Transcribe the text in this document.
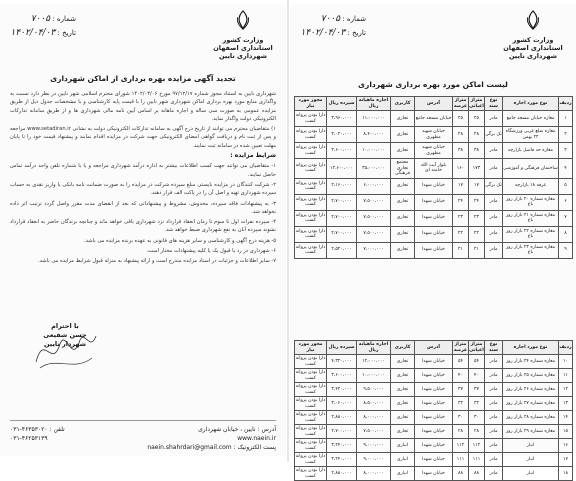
شماره : ۷۰۰۵
تاریخ : ۱۴۰۲/۰۴/۰۳
وزارت کشور
استانداری اصفهان
شهرداری نایین
تجدید آگهی مزایده بهره برداری از اماکن شهرداری

شهرداری نایین به استناد مجوز شماره ۹۷/۱۲/۱۷ مورخ ۱۴۰۲/۰۳/۰۶ شورای محترم اسلامی شهر نایین در نظر دارد نسبت به واگذاری منابع مورد بهره برداری اماکن شهرداری شهر نایین را با قیمت پایه کارشناسی و با مشخصات جدول ذیل از طریق مزایده عمومی به صورت سی ساله و اجاره ماهانه بر اساس آیین نامه مالی شهرداری ها و از طریق سامانه تدارکات الکترونیکی دولت واگذار نماید.

۱) متقاضیان محترم می توانند از تاریخ درج آگهی به سامانه تدارکات الکترونیکی دولت به نشانی www.setadiran.ir مراجعه و پس از ثبت نام و دریافت گواهی امضای الکترونیکی جهت شرکت در مزایده اقدام نمایند و پیشنهاد قیمت خود را تا پایان مهلت تعیین شده در سامانه ثبت نمایند.

شرایط مزایده :

۱- متقاضیان می توانند جهت کسب اطلاعات بیشتر به اداره درآمد شهرداری مراجعه و یا با شماره تلفن واحد درآمد تماس حاصل نمایند.

۲- شرکت کنندگان در مزایده بایستی مبلغ سپرده شرکت در مزایده را به صورت ضمانت نامه بانکی یا واریز نقدی به حساب سپرده شهرداری تهیه و اصل آن را در پاکت الف قرار دهند.

۳- به پیشنهادات فاقد سپرده، مخدوش، مشروط و پیشنهاداتی که بعد از انقضای مدت مقرر واصل گردد ترتیب اثر داده نخواهد شد.

۴- سپرده نفرات اول تا سوم تا زمان انعقاد قرارداد نزد شهرداری باقی خواهد ماند و چنانچه برندگان حاضر به انعقاد قرارداد نشوند سپرده آنان به نفع شهرداری ضبط خواهد شد.

۵- هزینه درج آگهی و کارشناسی و سایر هزینه های قانونی به عهده برنده مزایده می باشد.

۶- شهرداری در رد یا قبول یک یا کلیه پیشنهادات مختار است.

۷- سایر اطلاعات و جزئیات در اسناد مزایده مندرج است و ارائه پیشنهاد به منزله قبول شرایط مزایده می باشد.

با احترام
حسن شفیعی
شهردار نایین
آدرس : نایین ، خیابان شهرداری
تلفن : ۴۶۳۵۳۰۲۰-۰۳۱
www.naein.ir
۰۳۱-۴۶۲۵۳۱۳۹
پست الکترونیک : naein.shahrdari@gmail.com
شماره : ۷۰۰۵
تاریخ : ۱۴۰۲/۰۴/۰۳
وزارت کشور
استانداری اصفهان
شهرداری نایین
لیست اماکن مورد بهره برداری شهرداری
ردیف	نوع مورد اجاره	نوع سند	متراژ اعیانی	متراژ عرصه	آدرس	کاربری	اجاره ماهیانه ریال	سپرده ریال	مجوز مورد نیاز
۱	مغازه خیابان مسجد جامع	مادر	۲۵	۲۵	خیابان مسجد جامع	تجاری	۱۱،۰۰۰،۰۰۰	۳،۹۶۰،۰۰۰	دارا بودن پروانه کسب
۲	مغازه ضلع غربی ورزشگاه ۲۲ بهمن	تک برگی	۲۸	۲۸	خیابان شهید مطهری	تجاری	۸،۴۰۰،۰۰۰	۳،۰۲۰،۰۰۰	دارا بودن پروانه کسب
۳	مغازه حد فاصل بازارچه	مادر	۳۸	۳۸	خیابان شهید مطهری	تجاری	۱۰،۰۰۰،۰۰۰	۳،۶۰۰،۰۰۰	دارا بودن پروانه کسب
۴	ساختمان فرهنگی و آموزشی	مادر	۱۷۳	۱۶۰	بلوار آیت الله خامنه ای	مجتمع تجاری فرهنگی	۳۵،۰۰۰،۰۰۰	۱۲،۶۰۰،۰۰۰	دارا بودن پروانه کسب
۵	غرفه ۱۸ بازارچه	تک برگی	۱۷	۱۷	خیابان شهدا	تجاری	۶،۰۰۰،۰۰۰	۲،۱۶۰،۰۰۰	دارا بودن پروانه کسب
۶	مغازه شماره ۲۰ بازار روز باغ	مادر	۲۴	۲۴	خیابان شهدا	تجاری	۷،۵۰۰،۰۰۰	۲،۷۰۰،۰۰۰	دارا بودن پروانه کسب
۷	مغازه شماره ۲۱ بازار روز باغ	مادر	۲۳	۲۳	خیابان شهدا	تجاری	۷،۵۰۰،۰۰۰	۲،۷۰۰،۰۰۰	دارا بودن پروانه کسب
۸	مغازه شماره ۲۲ بازار روز باغ	مادر	۲۲	۲۲	خیابان شهدا	تجاری	۷،۵۰۰،۰۰۰	۲،۷۰۰،۰۰۰	دارا بودن پروانه کسب
۹	مغازه شماره ۲۳ بازار روز باغ	مادر	۲۱	۲۱	خیابان شهدا	تجاری	۷،۰۰۰،۰۰۰	۲،۵۲۰،۰۰۰	دارا بودن پروانه کسب
ردیف	نوع مورد اجاره	نوع سند	متراژ اعیانی	متراژ عرصه	آدرس	کاربری	اجاره ماهیانه ریال	سپرده ریال	مجوز مورد نیاز
۱۰	مغازه شماره ۲۴ بازار روز	مادر	۵۴	۵۴	خیابان شهدا	تجاری	۱۲،۰۰۰،۰۰۰	۴،۳۲۰،۰۰۰	دارا بودن پروانه کسب
۱۱	مغازه شماره ۲۵ بازار روز	مادر	۴۰	۴۰	خیابان شهدا	تجاری	۱۰،۰۰۰،۰۰۰	۳،۶۰۰،۰۰۰	دارا بودن پروانه کسب
۱۲	مغازه شماره ۲۶ بازار روز	مادر	۳۷	۳۷	خیابان شهدا	تجاری	۹،۵۰۰،۰۰۰	۳،۴۲۰،۰۰۰	دارا بودن پروانه کسب
۱۳	مغازه شماره ۲۷ بازار روز	مادر	۳۲	۳۲	خیابان شهدا	تجاری	۸،۵۰۰،۰۰۰	۳،۰۶۰،۰۰۰	دارا بودن پروانه کسب
۱۴	مغازه شماره ۲۸ بازار روز	مادر	۳۰	۳۰	خیابان شهدا	تجاری	۸،۰۰۰،۰۰۰	۲،۸۸۰،۰۰۰	دارا بودن پروانه کسب
۱۵	مغازه شماره ۲۹ بازار روز	مادر	۲۸	۲۸	خیابان شهدا	تجاری	۷،۵۰۰،۰۰۰	۲،۷۰۰،۰۰۰	دارا بودن پروانه کسب
۱۶	انبار	مادر	۱۱۲	۱۱۲	خیابان شهدا	انباری	۹،۰۰۰،۰۰۰	۳،۲۴۰،۰۰۰	دارا بودن پروانه کسب
۱۷	انبار	مادر	۱۱۱	۱۱۱	خیابان شهدا	انباری	۹،۰۰۰،۰۰۰	۳،۲۴۰،۰۰۰	دارا بودن پروانه کسب
۱۸	انبار	مادر	۸۸	۸۸	خیابان شهدا	انباری	۸،۰۰۰،۰۰۰	۲،۸۸۰،۰۰۰	دارا بودن پروانه کسب
